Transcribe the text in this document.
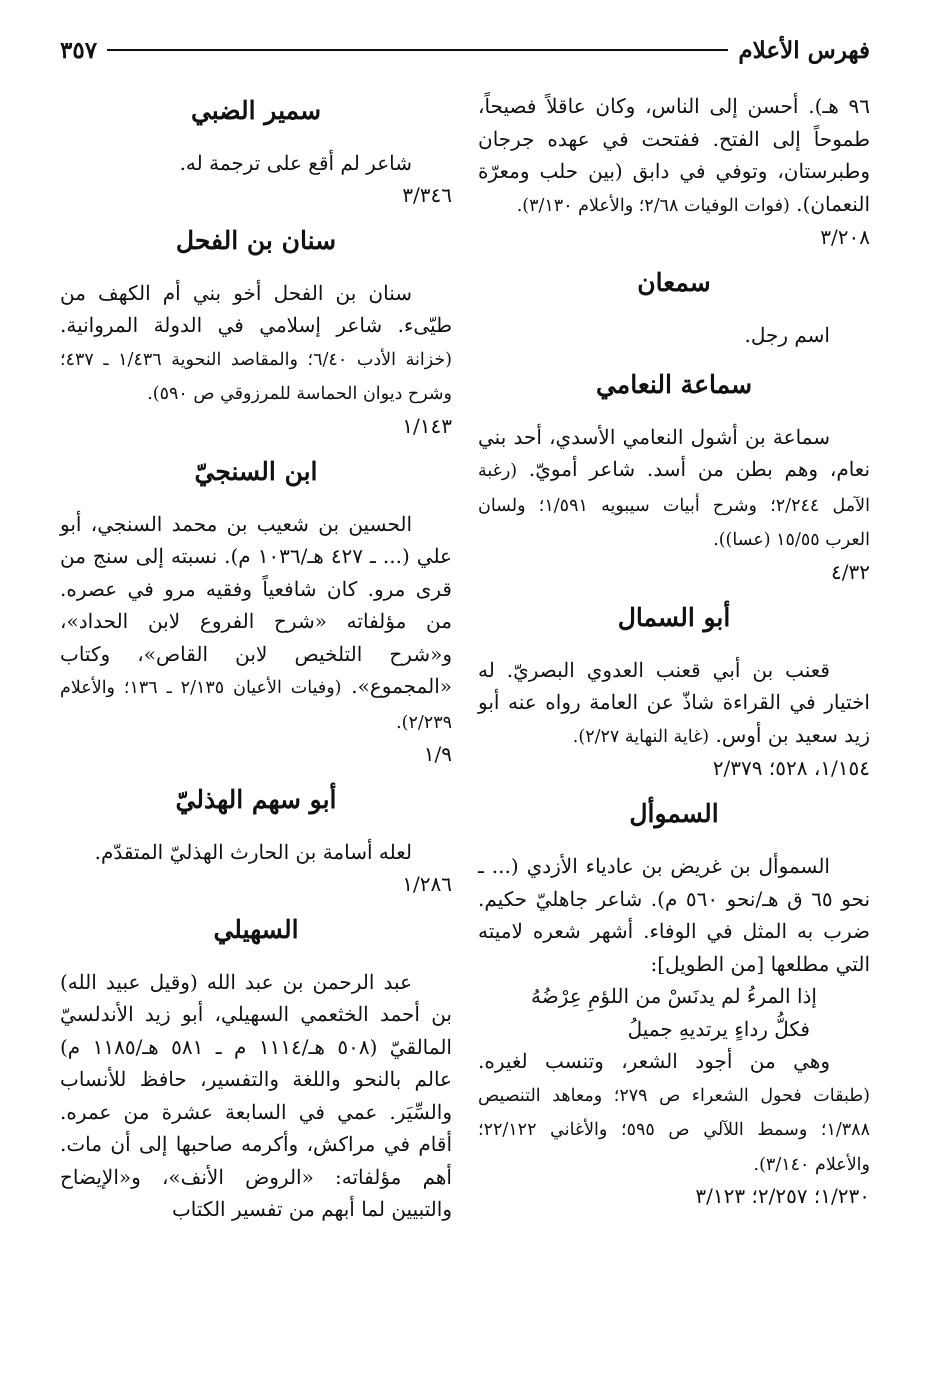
فهرس الأعلام
٣٥٧

٩٦ هـ). أحسن إلى الناس، وكان عاقلاً فصيحاً، طموحاً إلى الفتح. ففتحت في عهده جرجان وطبرستان، وتوفي في دابق (بين حلب ومعرّة النعمان). (فوات الوفيات ٢/٦٨؛ والأعلام ٣/١٣٠).

٣/٢٠٨

سمعان

اسم رجل.

سماعة النعامي

سماعة بن أشول النعامي الأسدي، أحد بني نعام، وهم بطن من أسد. شاعر أمويّ. (رغبة الآمل ٢/٢٤٤؛ وشرح أبيات سيبويه ١/٥٩١؛ ولسان العرب ١٥/٥٥ (عسا)).

٤/٣٢

أبو السمال

قعنب بن أبي قعنب العدوي البصريّ. له اختيار في القراءة شاذّ عن العامة رواه عنه أبو زيد سعيد بن أوس. (غاية النهاية ٢/٢٧).

١/١٥٤، ٥٢٨؛ ٢/٣٧٩

السموأل

السموأل بن غريض بن عادياء الأزدي (... ـ نحو ٦٥ ق هـ/نحو ٥٦٠ م). شاعر جاهليّ حكيم. ضرب به المثل في الوفاء. أشهر شعره لاميته التي مطلعها [من الطويل]:

إذا المرءُ لم يدنَسْ من اللؤمِ عِرْضُهُ
فكلُّ رداءٍ يرتديهِ جميلُ

وهي من أجود الشعر، وتنسب لغيره. (طبقات فحول الشعراء ص ٢٧٩؛ ومعاهد التنصيص ١/٣٨٨؛ وسمط اللآلي ص ٥٩٥؛ والأغاني ٢٢/١٢٢؛ والأعلام ٣/١٤٠).

١/٢٣٠؛ ٢/٢٥٧؛ ٣/١٢٣

سمير الضبي

شاعر لم أقع على ترجمة له.

٣/٣٤٦

سنان بن الفحل

سنان بن الفحل أخو بني أم الكهف من طيّىء. شاعر إسلامي في الدولة المروانية. (خزانة الأدب ٦/٤٠؛ والمقاصد النحوية ١/٤٣٦ ـ ٤٣٧؛ وشرح ديوان الحماسة للمرزوقي ص ٥٩٠).

١/١٤٣

ابن السنجيّ

الحسين بن شعيب بن محمد السنجي، أبو علي (... ـ ٤٢٧ هـ/١٠٣٦ م). نسبته إلى سنج من قرى مرو. كان شافعياً وفقيه مرو في عصره. من مؤلفاته «شرح الفروع لابن الحداد»، و«شرح التلخيص لابن القاص»، وكتاب «المجموع». (وفيات الأعيان ٢/١٣٥ ـ ١٣٦؛ والأعلام ٢/٢٣٩).

١/٩

أبو سهم الهذليّ

لعله أسامة بن الحارث الهذليّ المتقدّم.

١/٢٨٦

السهيلي

عبد الرحمن بن عبد الله (وقيل عبيد الله) بن أحمد الخثعمي السهيلي، أبو زيد الأندلسيّ المالقيّ (٥٠٨ هـ/١١١٤ م ـ ٥٨١ هـ/١١٨٥ م) عالم بالنحو واللغة والتفسير، حافظ للأنساب والسِّيَر. عمي في السابعة عشرة من عمره. أقام في مراكش، وأكرمه صاحبها إلى أن مات. أهم مؤلفاته: «الروض الأنف»، و«الإيضاح والتبيين لما أبهم من تفسير الكتاب
